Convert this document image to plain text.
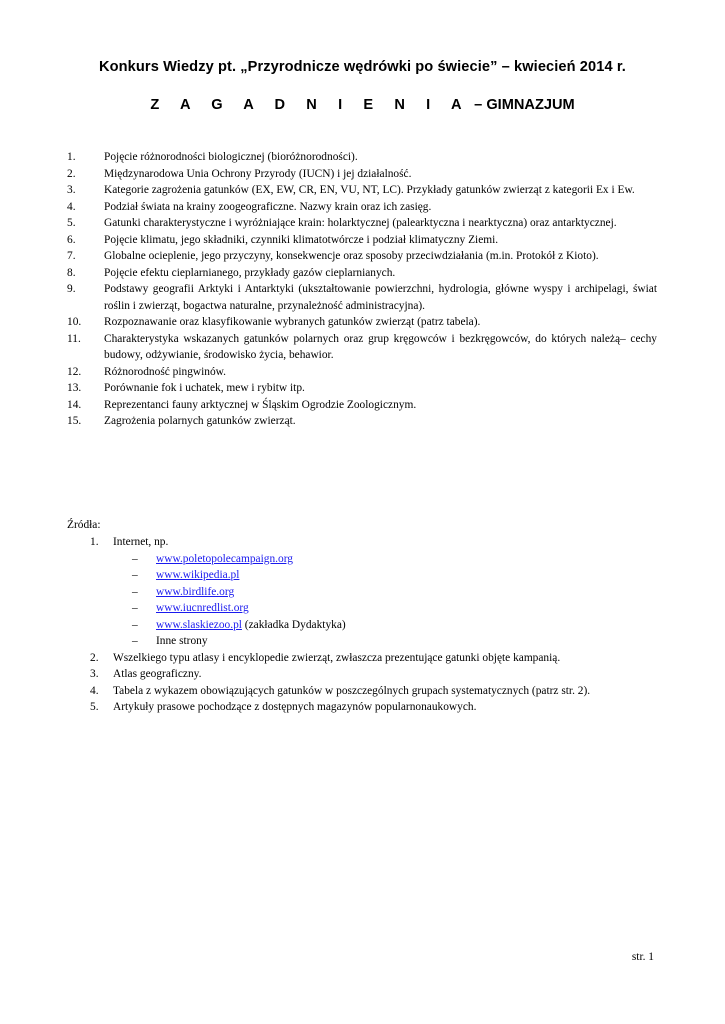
Konkurs Wiedzy pt. „Przyrodnicze wędrówki po świecie” – kwiecień 2014 r.
Z A G A D N I E N I A – GIMNAZJUM
1. Pojęcie różnorodności biologicznej (bioróżnorodności).
2. Międzynarodowa Unia Ochrony Przyrody (IUCN) i jej działalność.
3. Kategorie zagrożenia gatunków (EX, EW, CR, EN, VU, NT, LC). Przykłady gatunków zwierząt z kategorii Ex i Ew.
4. Podział świata na krainy zoogeograficzne. Nazwy krain oraz ich zasięg.
5. Gatunki charakterystyczne i wyróżniające krain: holarktycznej (palearktyczna i nearktyczna) oraz antarktycznej.
6. Pojęcie klimatu, jego składniki, czynniki klimatotwórcze i podział klimatyczny Ziemi.
7. Globalne ocieplenie, jego przyczyny, konsekwencje oraz sposoby przeciwdziałania (m.in. Protokół z Kioto).
8. Pojęcie efektu cieplarnianego, przykłady gazów cieplarnianych.
9. Podstawy geografii Arktyki i Antarktyki (ukształtowanie powierzchni, hydrologia, główne wyspy i archipelagi, świat roślin i zwierząt, bogactwa naturalne, przynależność administracyjna).
10. Rozpoznawanie oraz klasyfikowanie wybranych gatunków zwierząt (patrz tabela).
11. Charakterystyka wskazanych gatunków polarnych oraz grup kręgowców i bezkręgowców, do których należą– cechy budowy, odżywianie, środowisko życia, behawior.
12. Różnorodność pingwinów.
13. Porównanie fok i uchatek, mew i rybitw itp.
14. Reprezentanci fauny arktycznej w Śląskim Ogrodzie Zoologicznym.
15. Zagrożenia polarnych gatunków zwierząt.
Źródła:
1. Internet, np.
– www.poletopolecampaign.org
– www.wikipedia.pl
– www.birdlife.org
– www.iucnredlist.org
– www.slaskiezoo.pl (zakładka Dydaktyka)
– Inne strony
2. Wszelkiego typu atlasy i encyklopedie zwierząt, zwłaszcza prezentujące gatunki objęte kampanią.
3. Atlas geograficzny.
4. Tabela z wykazem obowiązujących gatunków w poszczególnych grupach systematycznych (patrz str. 2).
5. Artykuły prasowe pochodzące z dostępnych magazynów popularnonaukowych.
str. 1
